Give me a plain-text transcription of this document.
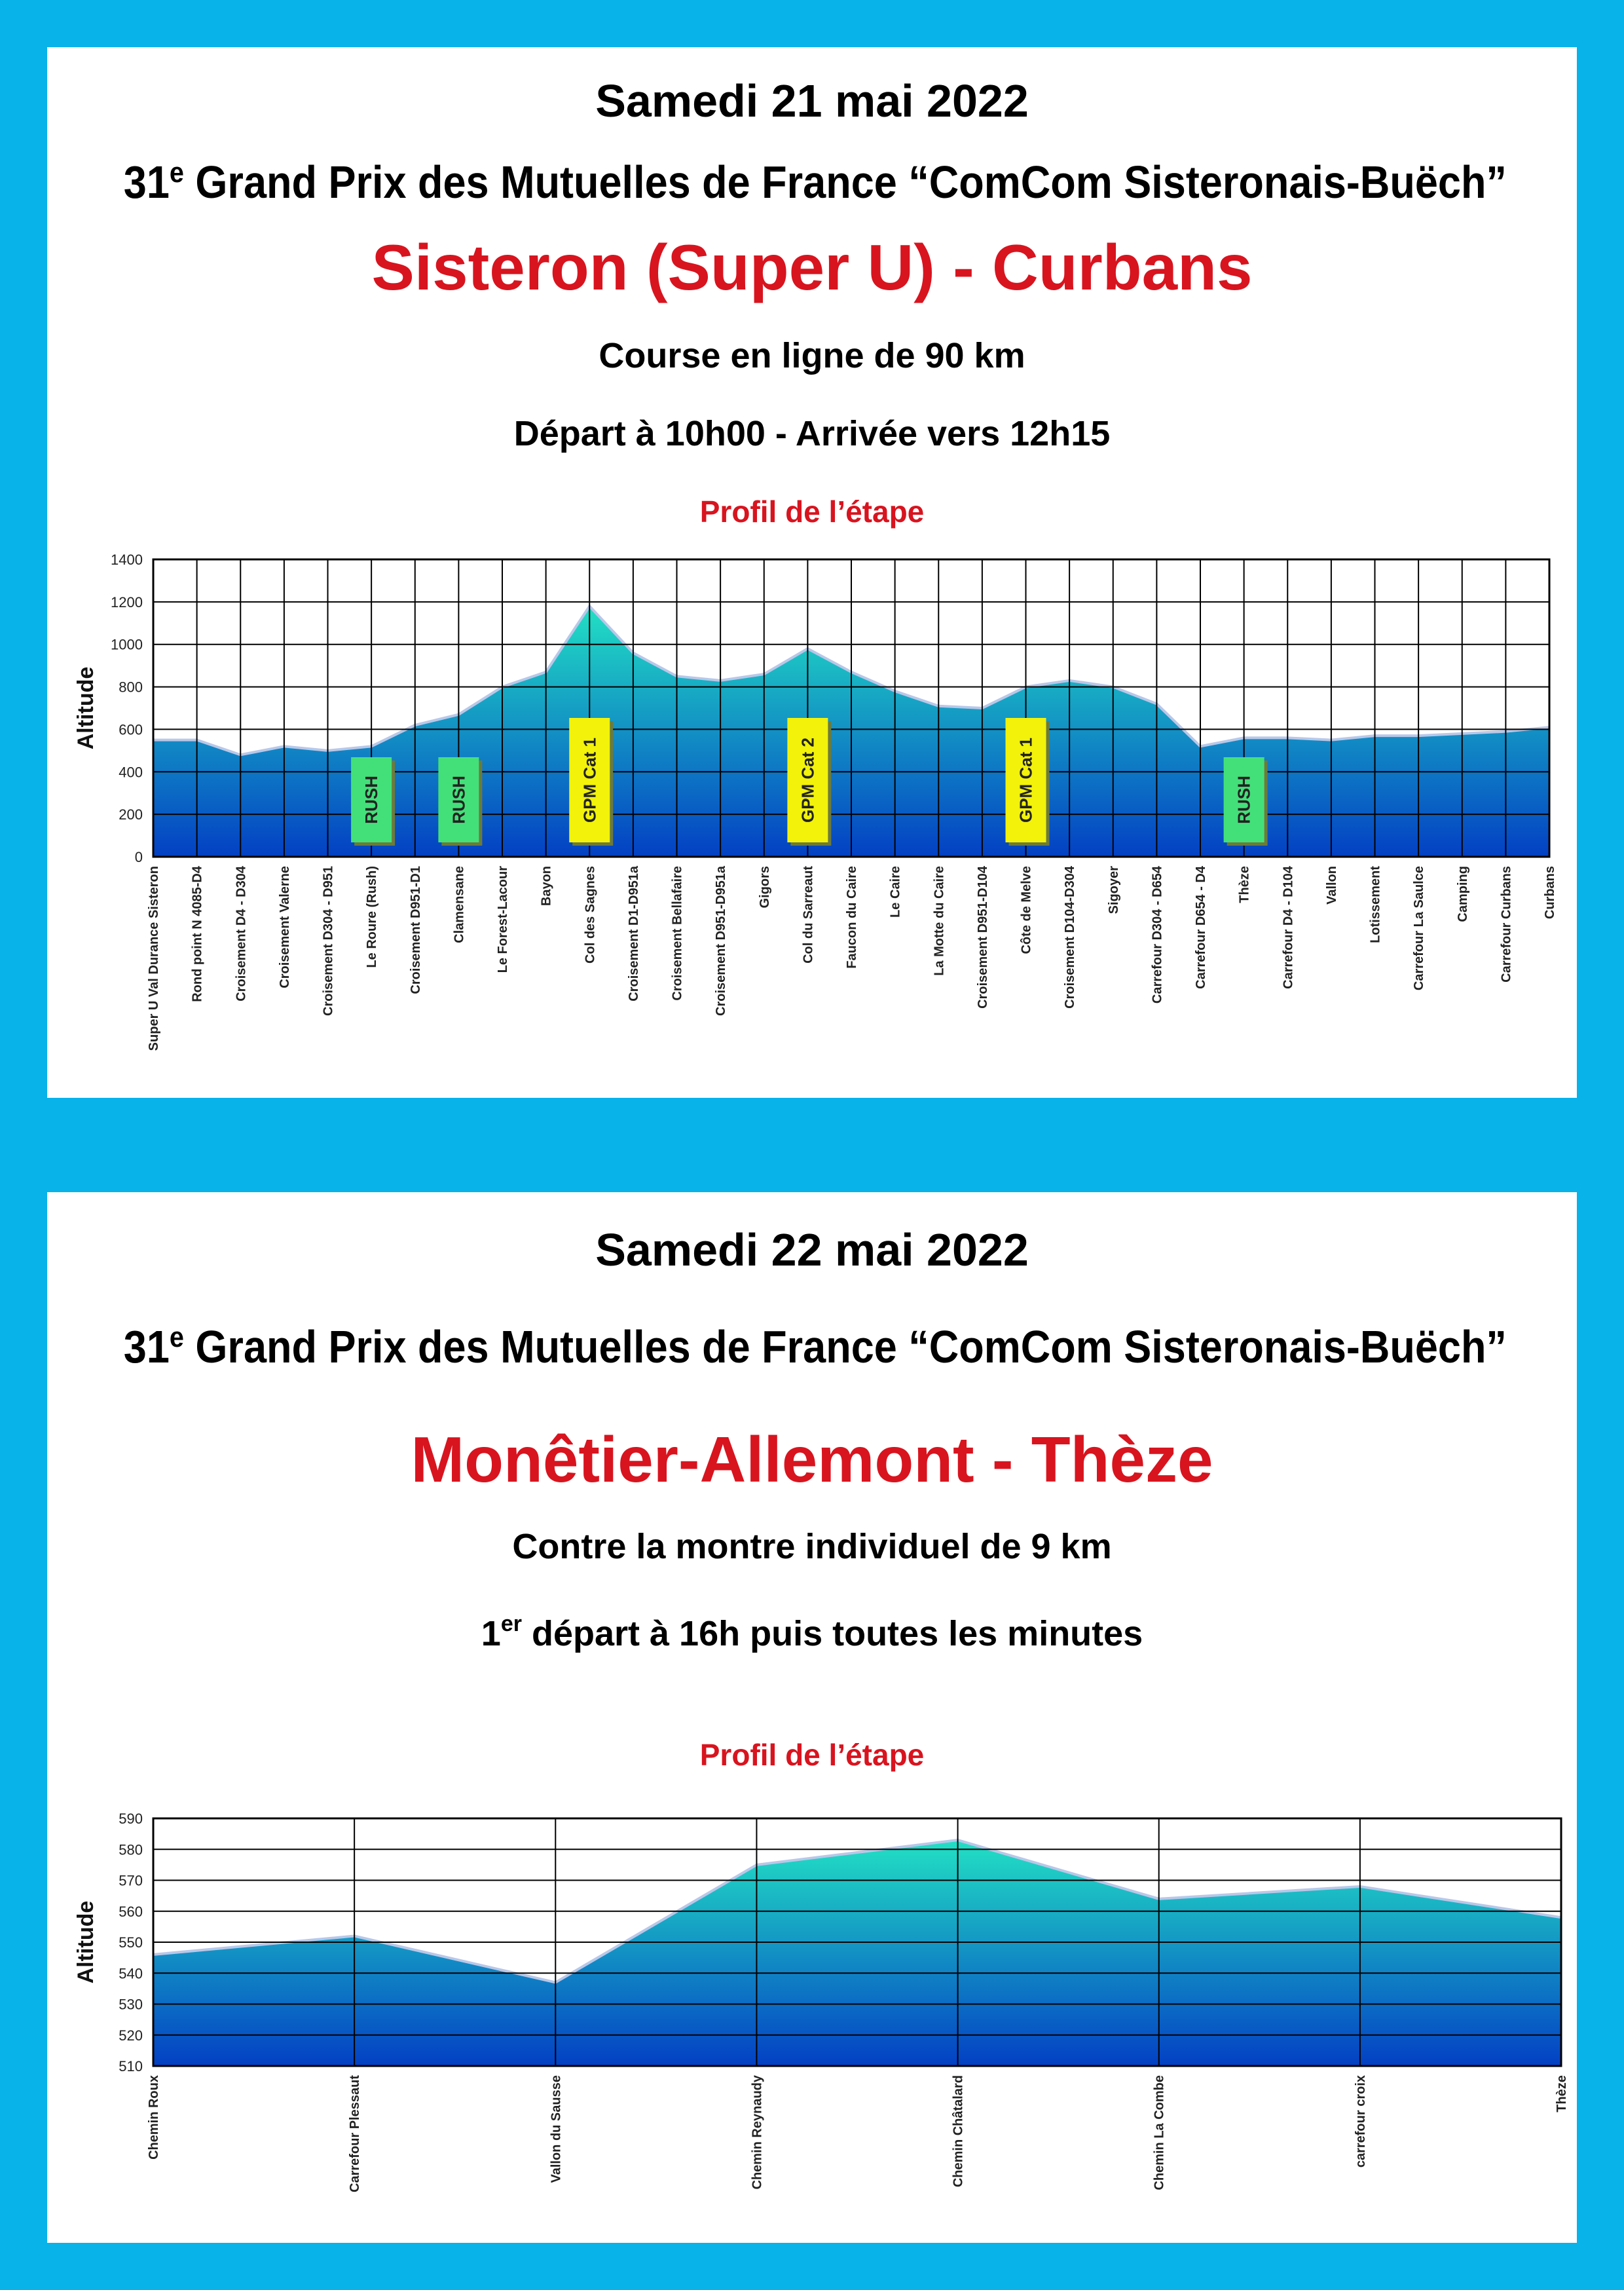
Samedi 21 mai 2022

31e Grand Prix des Mutuelles de France “ComCom Sisteronais-Buëch”

Sisteron (Super U) - Curbans

Course en ligne de 90 km

Départ à 10h00 - Arrivée vers 12h15

Profil de l’étape

0
200
400
600
800
1000
1200
1400
Super U Val Durance Sisteron Rond point N 4085-D4 Croisement D4 - D304 Croisement Valerne Croisement D304 - D951 Le Roure (Rush) Croisement D951-D1 Clamensane Le Forest-Lacour Bayon Col des Sagnes Croisement D1-D951a Croisement Bellafaire Croisement D951-D951a Gigors Col du Sarreaut Faucon du Caire Le Caire La Motte du Caire Croisement D951-D104 Côte de Melve Croisement D104-D304 Sigoyer Carrefour D304 - D654 Carrefour D654 - D4 Thèze Carrefour D4 - D104 Vallon Lotissement Carrefour La Saulce Camping Carrefour Curbans Curbans
Altitude
RUSH	RUSH	GPM Cat 1	GPM Cat 2	GPM Cat 1	RUSH

Samedi 22 mai 2022

31e Grand Prix des Mutuelles de France “ComCom Sisteronais-Buëch”

Monêtier-Allemont - Thèze

Contre la montre individuel de 9 km

1er départ à 16h puis toutes les minutes

Profil de l’étape

510
520
530
540
550
560
570
580
590
Chemin Roux	Carrefour Plessaut	Vallon du Sausse	Chemin Reynaudy	Chemin Châtalard	Chemin La Combe	carrefour croix	Thèze
Altitude
